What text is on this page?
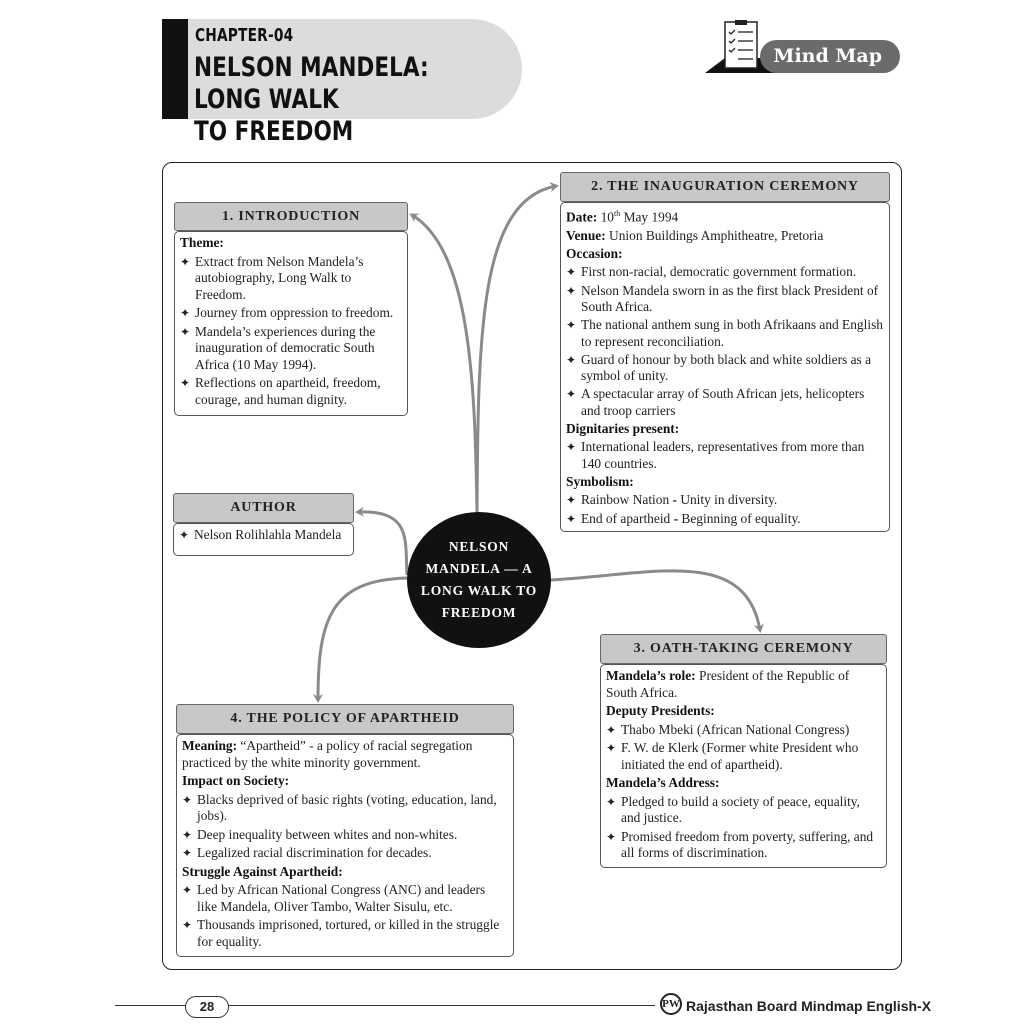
CHAPTER-04
NELSON MANDELA: LONG WALK
TO FREEDOM
Mind Map
1. INTRODUCTION

Theme:

✦ Extract from Nelson Mandela’s autobiography, Long Walk to Freedom.
✦ Journey from oppression to freedom.
✦ Mandela’s experiences during the inauguration of democratic South Africa (10 May 1994).
✦ Reflections on apartheid, freedom, courage, and human dignity.
AUTHOR
✦ Nelson Rolihlahla Mandela
2. THE INAUGURATION CEREMONY

Date: 10th May 1994

Venue: Union Buildings Amphitheatre, Pretoria

Occasion:

✦ First non-racial, democratic government formation.
✦ Nelson Mandela sworn in as the first black President of South Africa.
✦ The national anthem sung in both Afrikaans and English to represent reconciliation.
✦ Guard of honour by both black and white soldiers as a symbol of unity.
✦ A spectacular array of South African jets, helicopters and troop carriers

Dignitaries present:

✦ International leaders, representatives from more than 140 countries.

Symbolism:

✦ Rainbow Nation - Unity in diversity.
✦ End of apartheid - Beginning of equality.
NELSON
MANDELA — A
LONG WALK TO
FREEDOM
3. OATH-TAKING CEREMONY

Mandela’s role: President of the Republic of South Africa.

Deputy Presidents:

✦ Thabo Mbeki (African National Congress)
✦ F. W. de Klerk (Former white President who initiated the end of apartheid).

Mandela’s Address:

✦ Pledged to build a society of peace, equality, and justice.
✦ Promised freedom from poverty, suffering, and all forms of discrimination.
4. THE POLICY OF APARTHEID

Meaning: “Apartheid” - a policy of racial segregation practiced by the white minority government.

Impact on Society:

✦ Blacks deprived of basic rights (voting, education, land, jobs).
✦ Deep inequality between whites and non-whites.
✦ Legalized racial discrimination for decades.

Struggle Against Apartheid:

✦ Led by African National Congress (ANC) and leaders like Mandela, Oliver Tambo, Walter Sisulu, etc.
✦ Thousands imprisoned, tortured, or killed in the struggle for equality.
28	PW Rajasthan Board Mindmap English-X
